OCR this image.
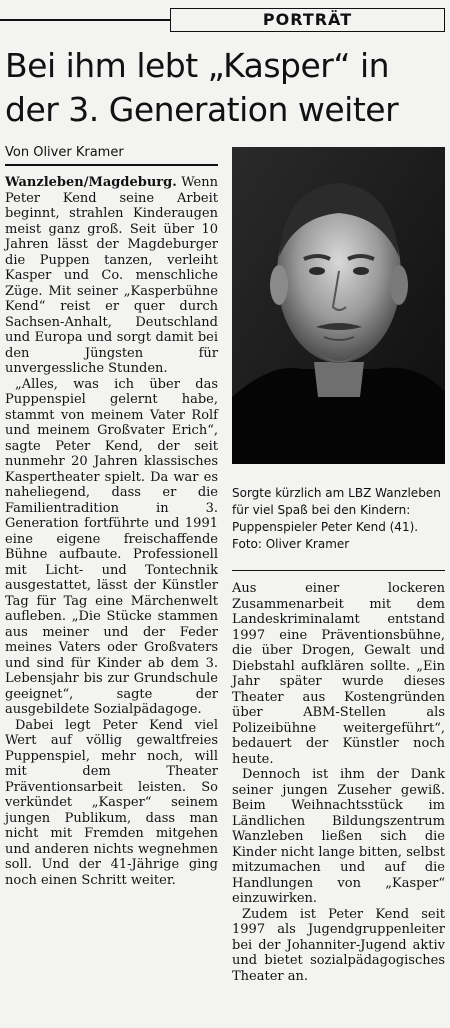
PORTRÄT
Bei ihm lebt „Kasper“ in der 3. Generation weiter
Von Oliver Kramer

Wanzleben/Magdeburg. Wenn Peter Kend seine Arbeit beginnt, strahlen Kinderaugen meist ganz groß. Seit über 10 Jahren lässt der Magdeburger die Puppen tanzen, verleiht Kasper und Co. menschliche Züge. Mit seiner „Kasperbühne Kend“ reist er quer durch Sachsen-Anhalt, Deutschland und Europa und sorgt damit bei den Jüngsten für unvergessliche Stunden.

„Alles, was ich über das Puppenspiel gelernt habe, stammt von meinem Vater Rolf und meinem Großvater Erich“, sagte Peter Kend, der seit nunmehr 20 Jahren klassisches Kaspertheater spielt. Da war es naheliegend, dass er die Familientradition in 3. Generation fortführte und 1991 eine eigene freischaffende Bühne aufbaute. Professionell mit Licht- und Tontechnik ausgestattet, lässt der Künstler Tag für Tag eine Märchenwelt aufleben. „Die Stücke stammen aus meiner und der Feder meines Vaters oder Großvaters und sind für Kinder ab dem 3. Lebensjahr bis zur Grundschule geeignet“, sagte der ausgebildete Sozialpädagoge.

Dabei legt Peter Kend viel Wert auf völlig gewaltfreies Puppenspiel, mehr noch, will mit dem Theater Präventionsarbeit leisten. So verkündet „Kasper“ seinem jungen Publikum, dass man nicht mit Fremden mitgehen und anderen nichts wegnehmen soll. Und der 41-Jährige ging noch einen Schritt weiter.

Sorgte kürzlich am LBZ Wanzleben für viel Spaß bei den Kindern: Puppenspieler Peter Kend (41). Foto: Oliver Kramer

Aus einer lockeren Zusammenarbeit mit dem Landeskriminalamt entstand 1997 eine Präventionsbühne, die über Drogen, Gewalt und Diebstahl aufklären sollte. „Ein Jahr später wurde dieses Theater aus Kostengründen über ABM-Stellen als Polizeibühne weitergeführt“, bedauert der Künstler noch heute.

Dennoch ist ihm der Dank seiner jungen Zuseher gewiß. Beim Weihnachtsstück im Ländlichen Bildungszentrum Wanzleben ließen sich die Kinder nicht lange bitten, selbst mitzumachen und auf die Handlungen von „Kasper“ einzuwirken.

Zudem ist Peter Kend seit 1997 als Jugendgruppenleiter bei der Johanniter-Jugend aktiv und bietet sozialpädagogisches Theater an.
